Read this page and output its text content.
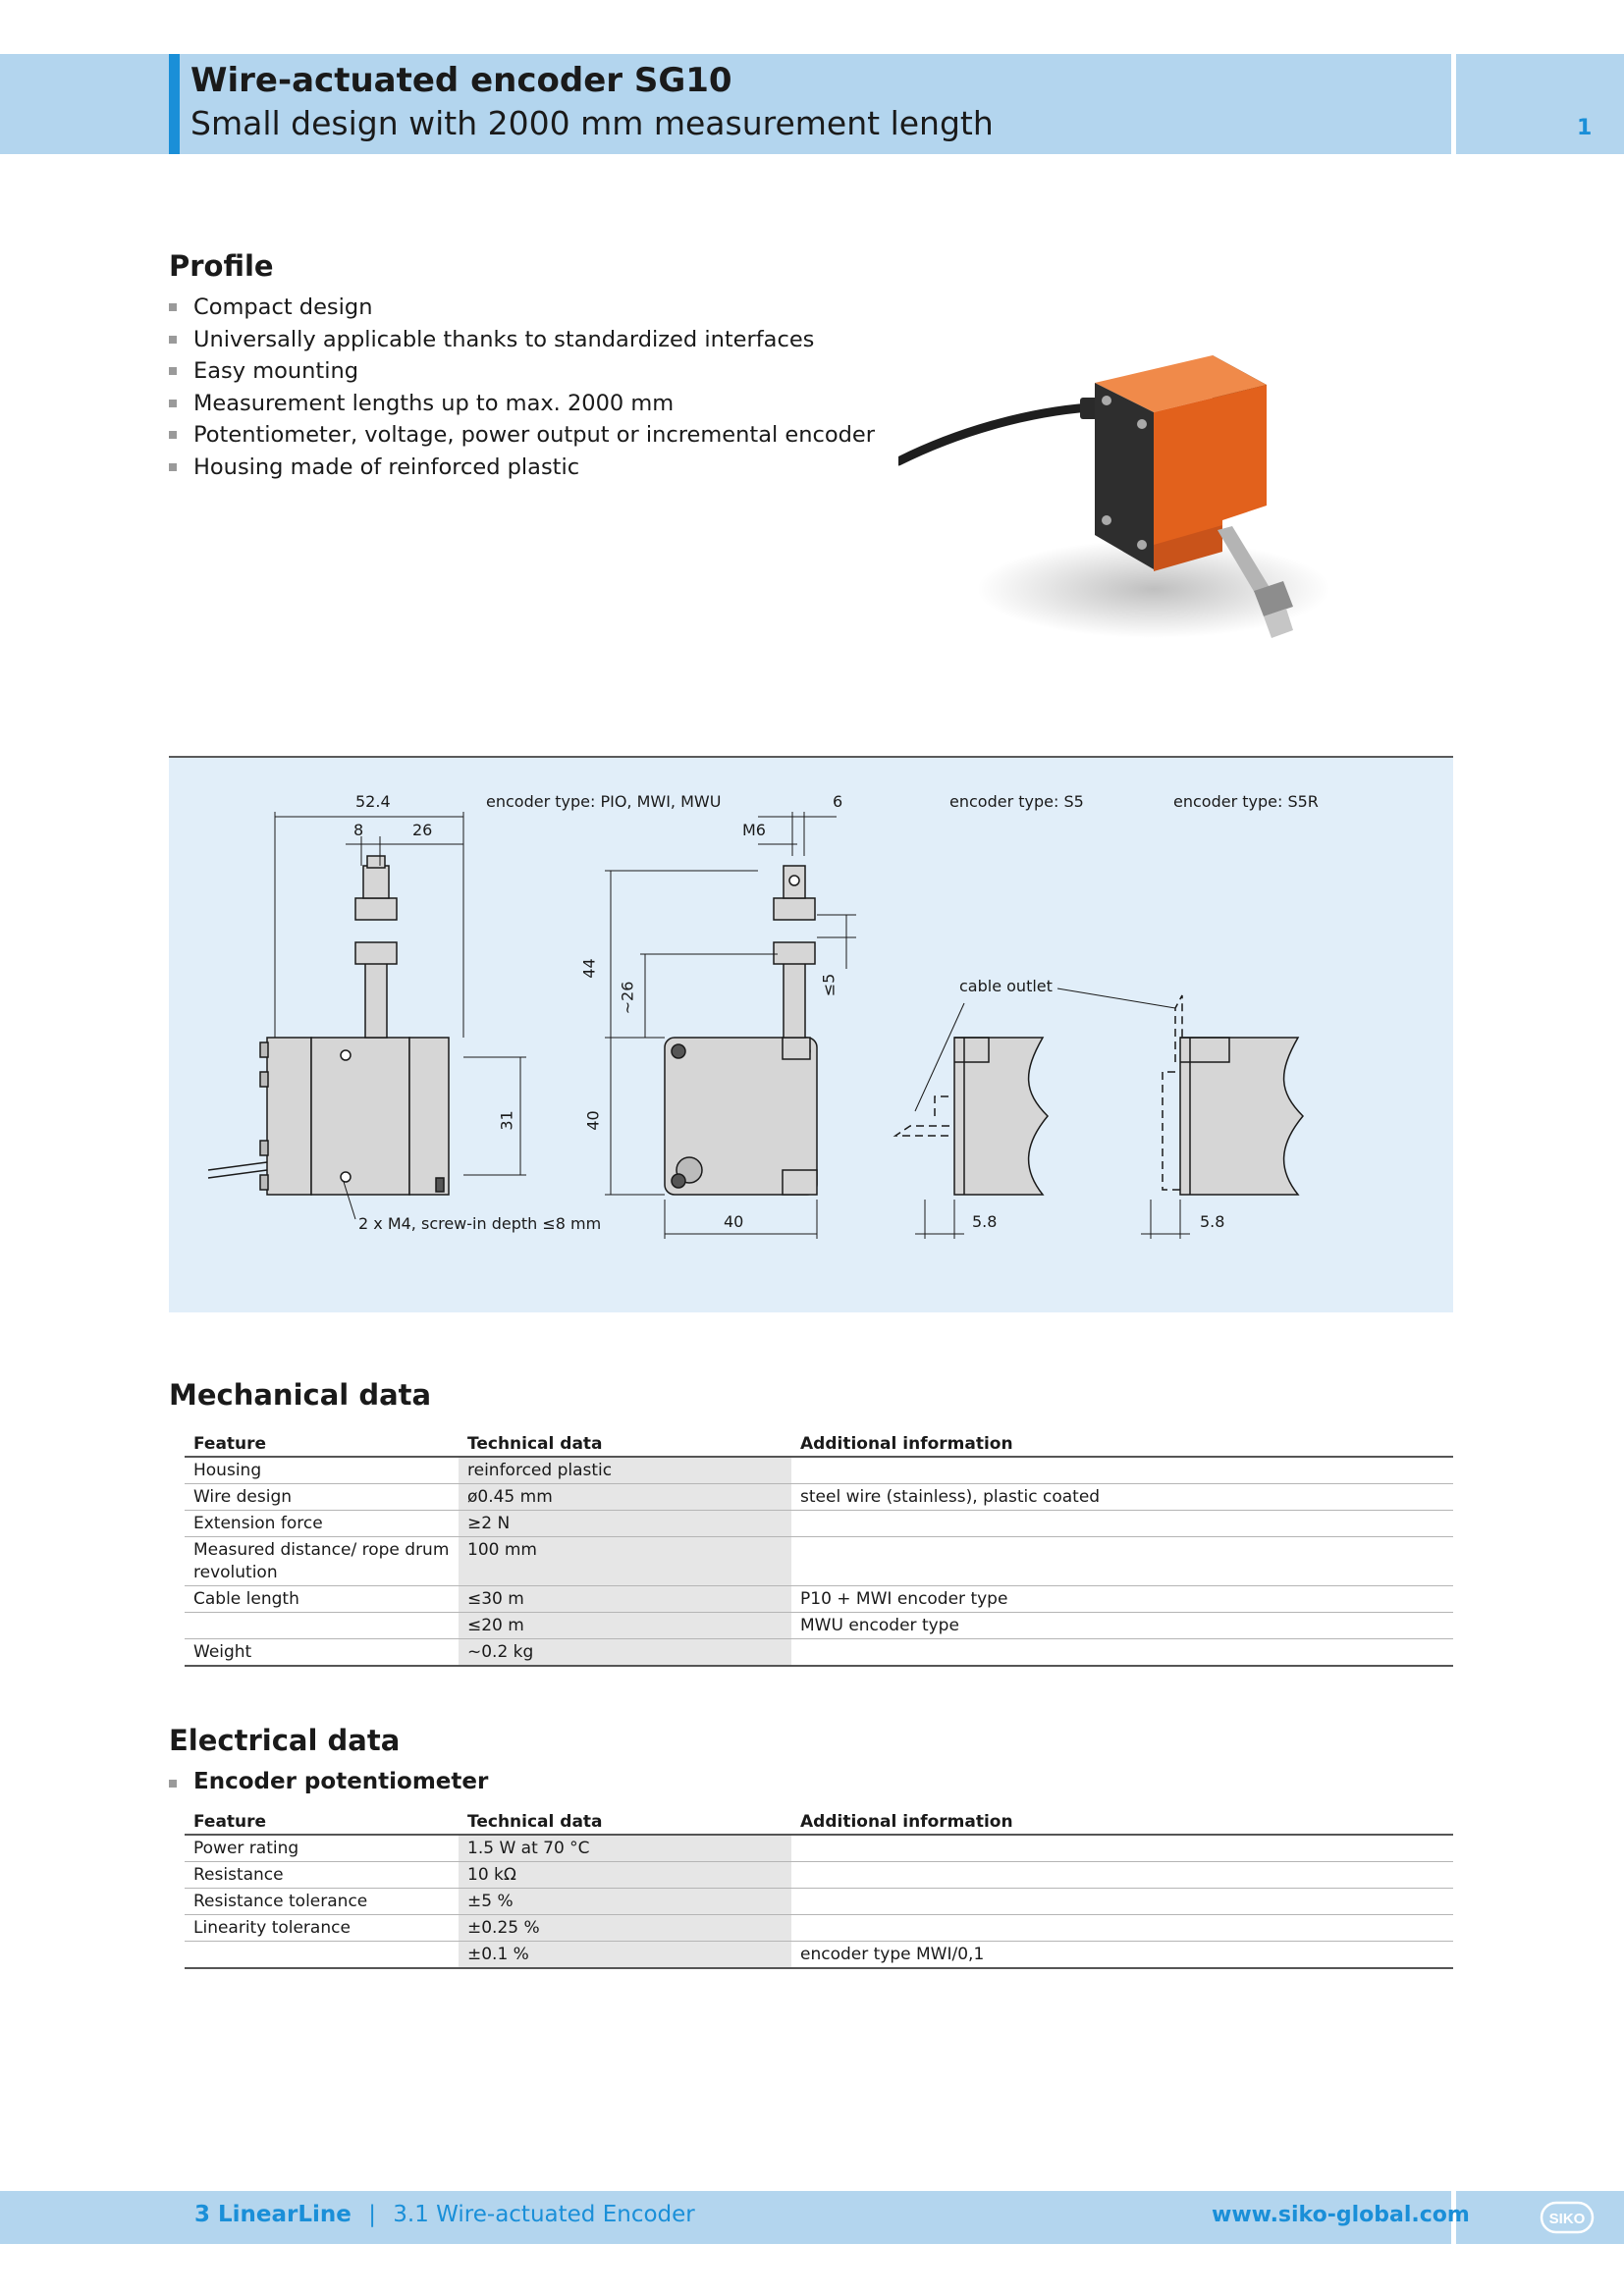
Wire-actuated encoder SG10
Small design with 2000 mm measurement length	1
Profile
Compact design
Universally applicable thanks to standardized interfaces
Easy mounting
Measurement lengths up to max. 2000 mm
Potentiometer, voltage, power output or incremental encoder
Housing made of reinforced plastic
52.4
8	26
encoder type: PIO, MWI, MWU	6
M6
encoder type: S5	encoder type: S5R
44
~26	≤5	cable outlet
31	40
40	5.8	5.8
2 x M4, screw-in depth ≤8 mm
Mechanical data
Feature	Technical data	Additional information
Housing	reinforced plastic	
Wire design	ø0.45 mm	steel wire (stainless), plastic coated
Extension force	≥2 N	
Measured distance/ rope drum revolution	100 mm	
Cable length	≤30 m	P10 + MWI encoder type
	≤20 m	MWU encoder type
Weight	~0.2 kg	
Electrical data
Encoder potentiometer
Feature	Technical data	Additional information
Power rating	1.5 W at 70 °C	
Resistance	10 kΩ	
Resistance tolerance	±5 %	
Linearity tolerance	±0.25 %	
	±0.1 %	encoder type MWI/0,1
3 LinearLine | 3.1 Wire-actuated Encoder	www.siko-global.com	SIKO
